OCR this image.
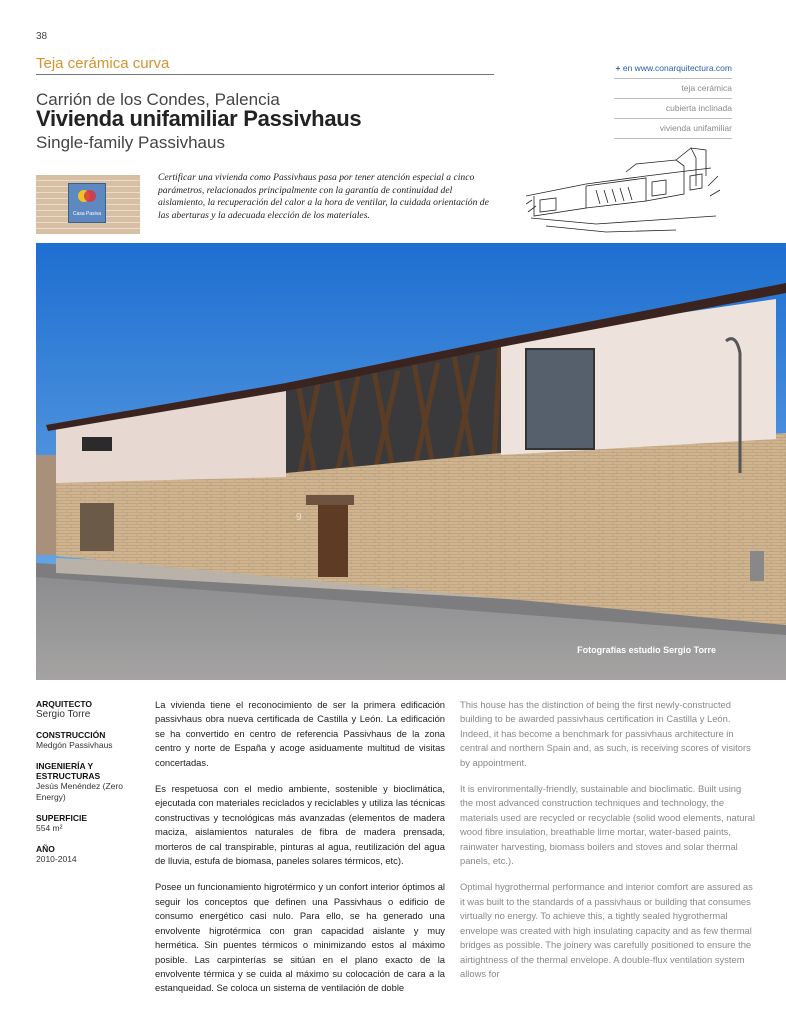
38
Teja cerámica curva
Carrión de los Condes, Palencia
Vivienda unifamiliar Passivhaus
Single-family Passivhaus
+ en www.conarquitectura.com
teja cerámica
cubierta inclinada
vivienda unifamiliar
Casa Pasiva
Certificar una vivienda como Passivhaus pasa por tener atención especial a cinco parámetros, relacionados principalmente con la garantía de continuidad del aislamiento, la recuperación del calor a la hora de ventilar, la cuidada orientación de las aberturas y la adecuada elección de los materiales.
9
Fotografías estudio Sergio Torre
ARQUITECTO
Sergio Torre
CONSTRUCCIÓN
Medgón Passivhaus
INGENIERÍA Y ESTRUCTURAS
Jesús Menéndez (Zero Energy)
SUPERFICIE
554 m²
AÑO
2010-2014

La vivienda tiene el reconocimiento de ser la primera edificación passivhaus obra nueva certificada de Castilla y León. La edificación se ha convertido en centro de referencia Passivhaus de la zona centro y norte de España y acoge asiduamente multitud de visitas concertadas.

Es respetuosa con el medio ambiente, sostenible y bioclimática, ejecutada con materiales reciclados y reciclables y utiliza las técnicas constructivas y tecnológicas más avanzadas (elementos de madera maciza, aislamientos naturales de fibra de madera prensada, morteros de cal transpirable, pinturas al agua, reutilización del agua de lluvia, estufa de biomasa, paneles solares térmicos, etc).

Posee un funcionamiento higrotérmico y un confort interior óptimos al seguir los conceptos que definen una Passivhaus o edificio de consumo energético casi nulo. Para ello, se ha generado una envolvente higrotérmica con gran capacidad aislante y muy hermética. Sin puentes térmicos o minimizando estos al máximo posible. Las carpinterías se sitúan en el plano exacto de la envolvente térmica y se cuida al máximo su colocación de cara a la estanqueidad. Se coloca un sistema de ventilación de doble

This house has the distinction of being the first newly-constructed building to be awarded passivhaus certification in Castilla y León. Indeed, it has become a benchmark for passivhaus architecture in central and northern Spain and, as such, is receiving scores of visitors by appointment.

It is environmentally-friendly, sustainable and bioclimatic. Built using the most advanced construction techniques and technology, the materials used are recycled or recyclable (solid wood elements, natural wood fibre insulation, breathable lime mortar, water-based paints, rainwater harvesting, biomass boilers and stoves and solar thermal panels, etc.).

Optimal hygrothermal performance and interior comfort are assured as it was built to the standards of a passivhaus or building that consumes virtually no energy. To achieve this, a tightly sealed hygrothermal envelope was created with high insulating capacity and as few thermal bridges as possible. The joinery was carefully positioned to ensure the airtightness of the thermal envelope. A double-flux ventilation system allows for
